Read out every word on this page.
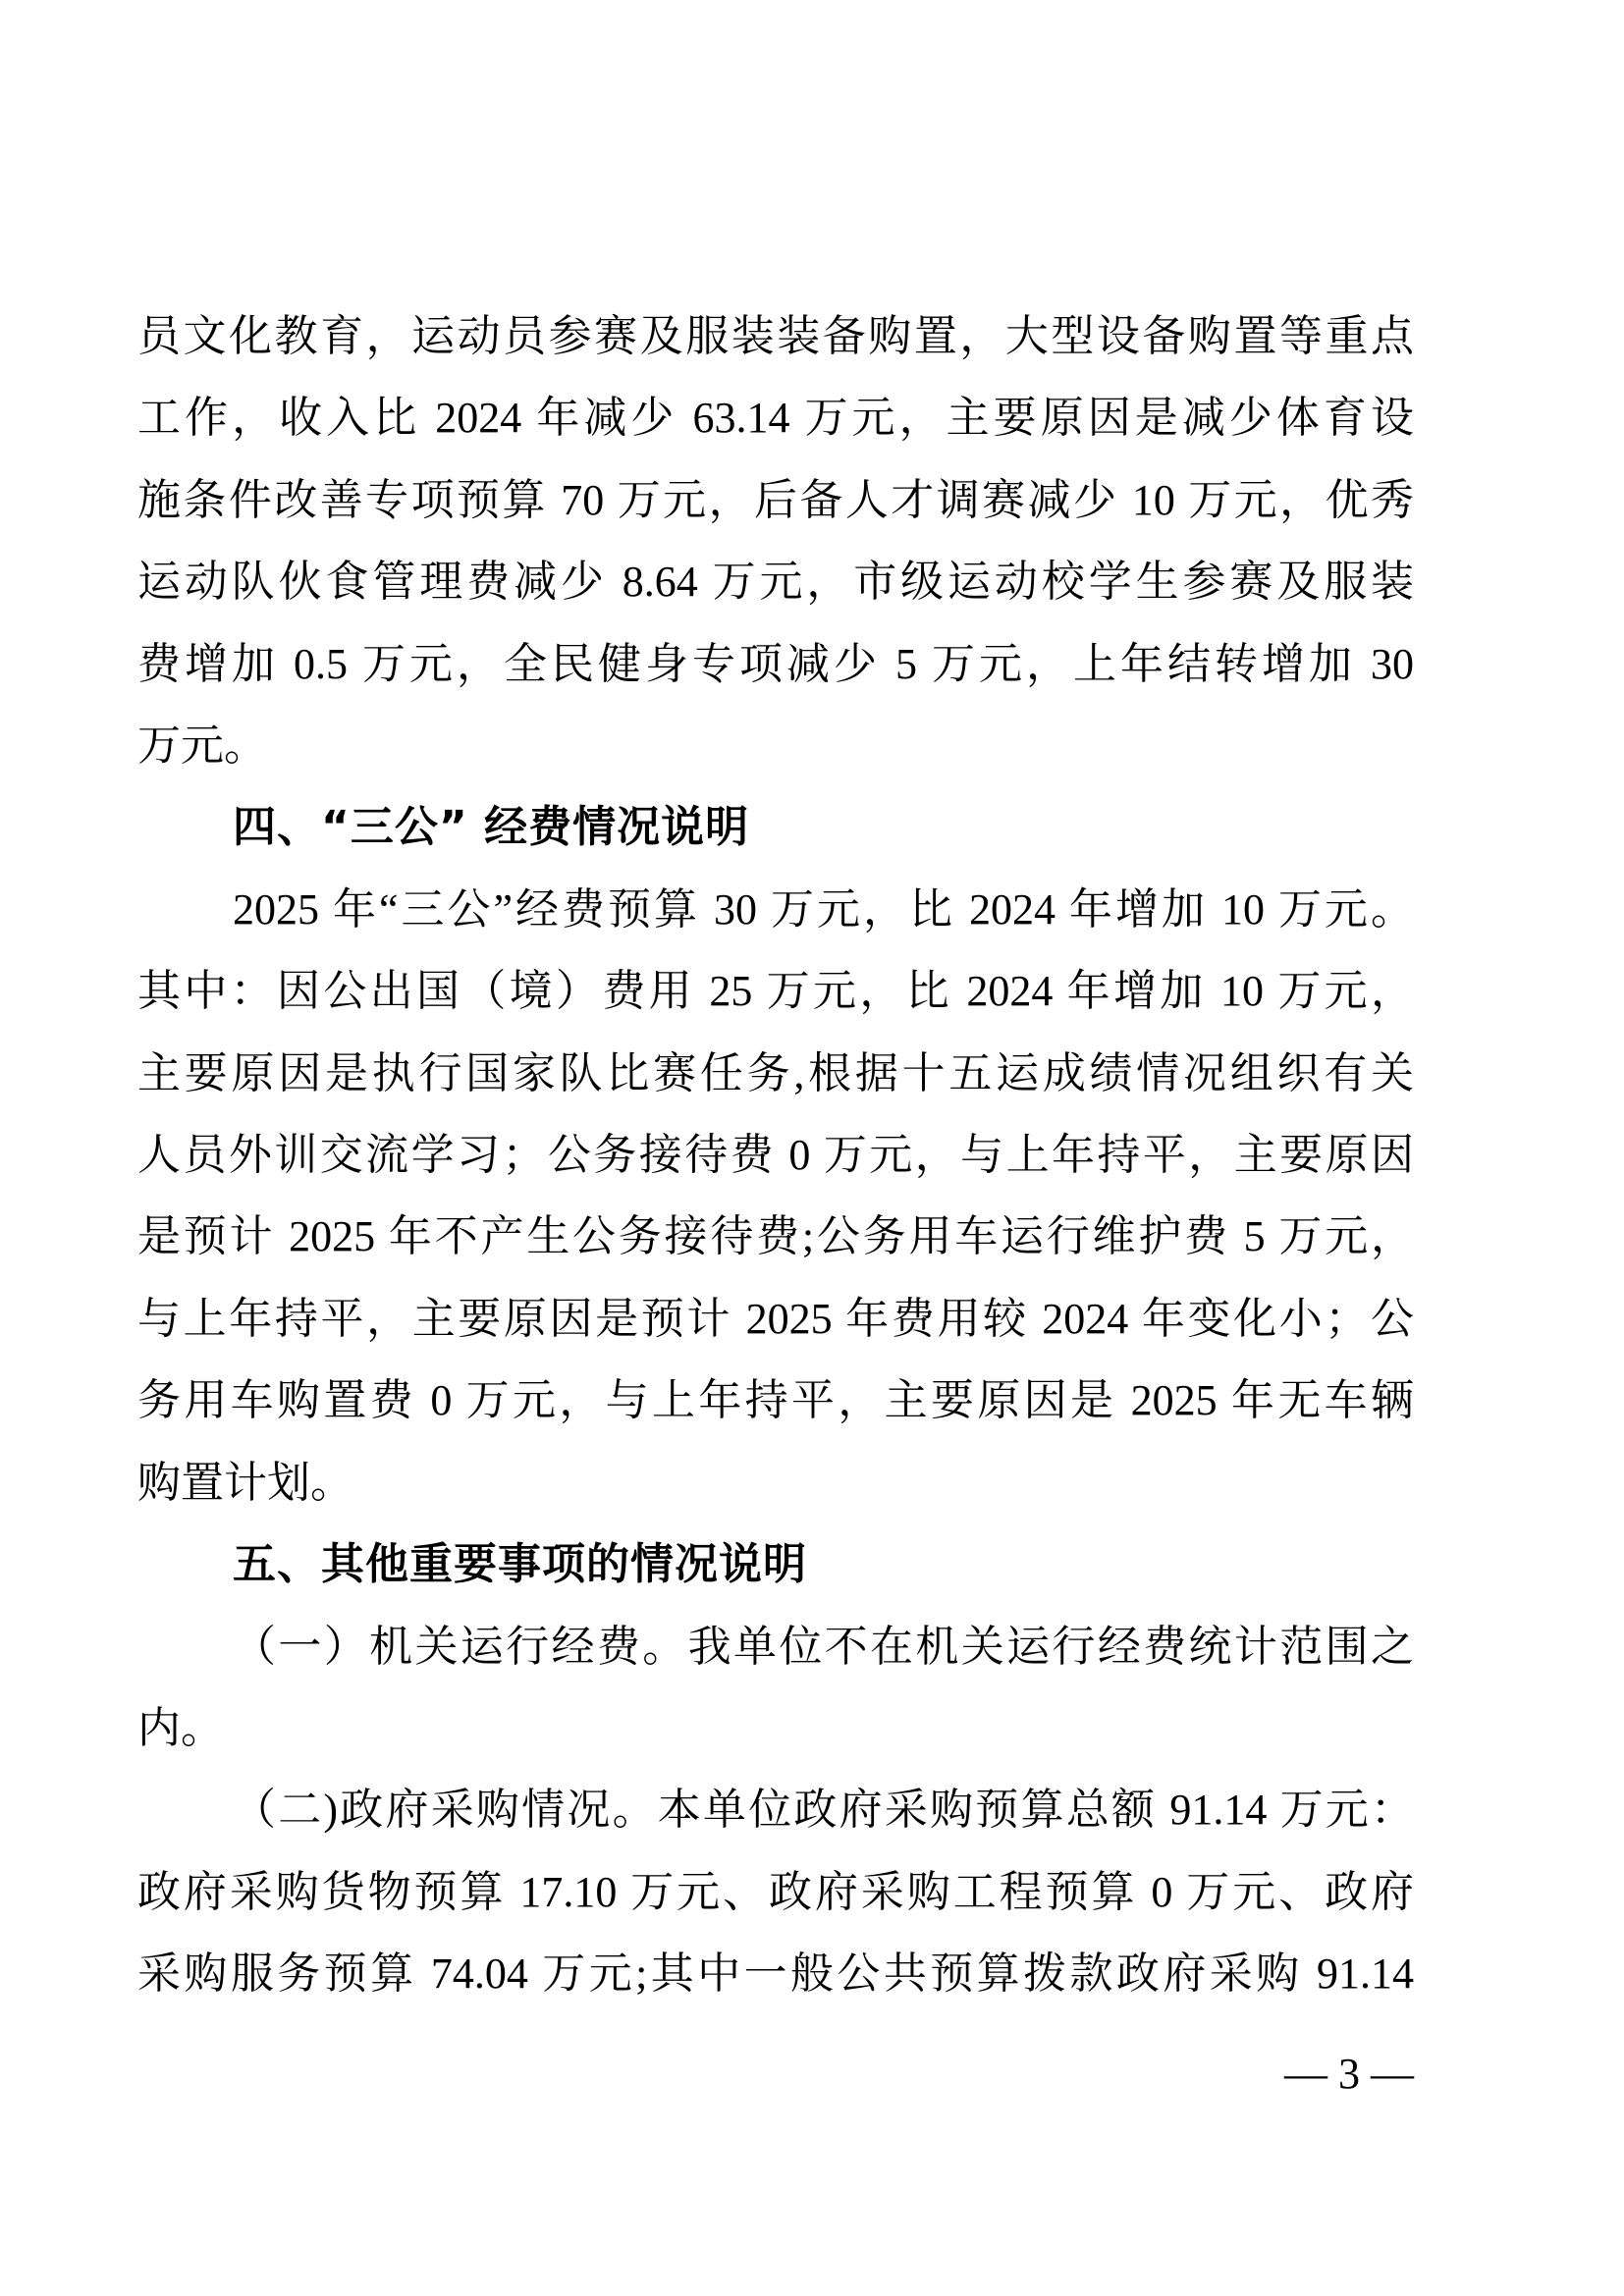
员文化教育，运动员参赛及服装装备购置，大型设备购置等重点
工作，收入比 2024 年减少 63.14 万元，主要原因是减少体育设
施条件改善专项预算 70 万元，后备人才调赛减少 10 万元，优秀
运动队伙食管理费减少 8.64 万元，市级运动校学生参赛及服装
费增加 0.5 万元，全民健身专项减少 5 万元，上年结转增加 30
万元。
四、“三公” 经费情况说明
2025 年“三公”经费预算 30 万元，比 2024 年增加 10 万元。
其中：因公出国（境）费用 25 万元，比 2024 年增加 10 万元，
主要原因是执行国家队比赛任务,根据十五运成绩情况组织有关
人员外训交流学习；公务接待费 0 万元，与上年持平，主要原因
是预计 2025 年不产生公务接待费;公务用车运行维护费 5 万元，
与上年持平，主要原因是预计 2025 年费用较 2024 年变化小；公
务用车购置费 0 万元，与上年持平，主要原因是 2025 年无车辆
购置计划。
五、其他重要事项的情况说明
（一）机关运行经费。我单位不在机关运行经费统计范围之
内。
（二)政府采购情况。本单位政府采购预算总额 91.14 万元：
政府采购货物预算 17.10 万元、政府采购工程预算 0 万元、政府
采购服务预算 74.04 万元;其中一般公共预算拨款政府采购 91.14
— 3 —
